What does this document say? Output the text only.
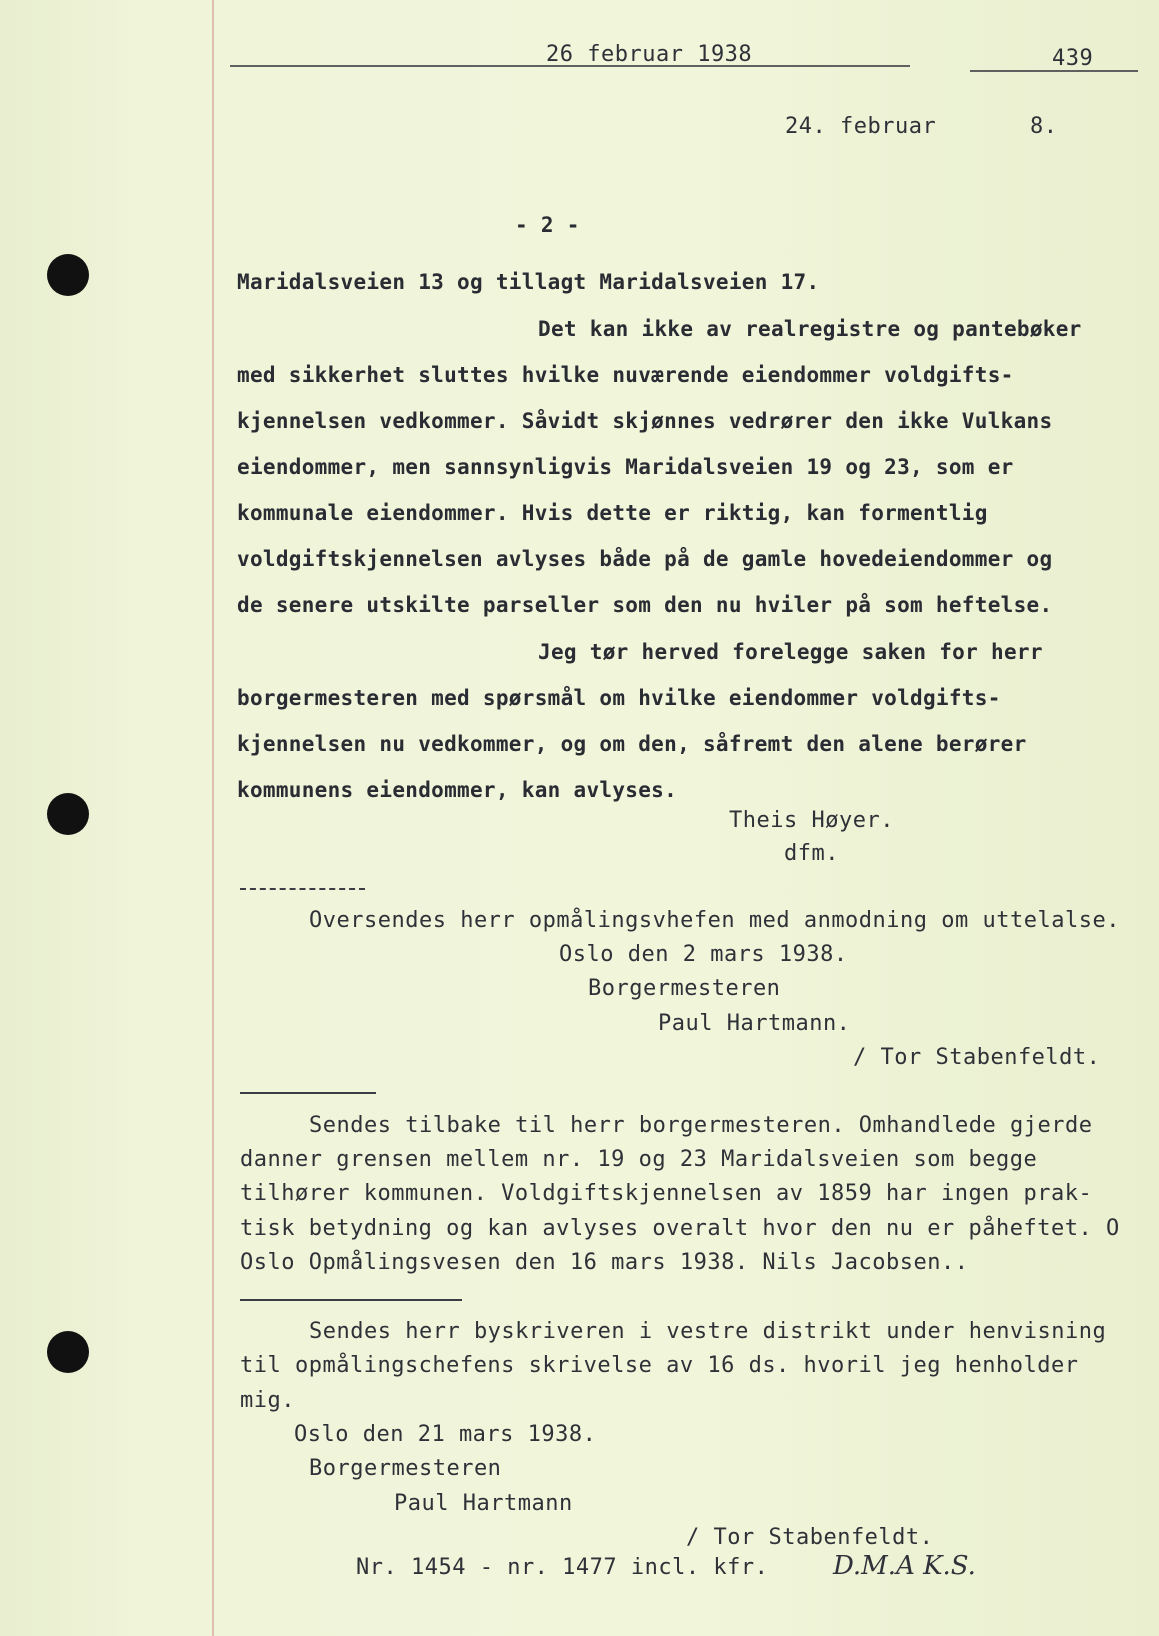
26 februar 1938	439
24. februar	8.
- 2 -
Maridalsveien 13 og tillagt Maridalsveien 17.
Det kan ikke av realregistre og pantebøker
med sikkerhet sluttes hvilke nuværende eiendommer voldgifts-
kjennelsen vedkommer. Såvidt skjønnes vedrører den ikke Vulkans
eiendommer, men sannsynligvis Maridalsveien 19 og 23, som er
kommunale eiendommer. Hvis dette er riktig, kan formentlig
voldgiftskjennelsen avlyses både på de gamle hovedeiendommer og
de senere utskilte parseller som den nu hviler på som heftelse.
Jeg tør herved forelegge saken for herr
borgermesteren med spørsmål om hvilke eiendommer voldgifts-
kjennelsen nu vedkommer, og om den, såfremt den alene berører
kommunens eiendommer, kan avlyses.
Theis Høyer.
dfm.
Oversendes herr opmålingsvhefen med anmodning om uttelalse.
Oslo den 2 mars 1938.
Borgermesteren
Paul Hartmann.
/ Tor Stabenfeldt.
Sendes tilbake til herr borgermesteren. Omhandlede gjerde
danner grensen mellem nr. 19 og 23 Maridalsveien som begge
tilhører kommunen. Voldgiftskjennelsen av 1859 har ingen prak-
tisk betydning og kan avlyses overalt hvor den nu er påheftet. O
Oslo Opmålingsvesen den 16 mars 1938. Nils Jacobsen..
Sendes herr byskriveren i vestre distrikt under henvisning
til opmålingschefens skrivelse av 16 ds. hvoril jeg henholder
mig.
Oslo den 21 mars 1938.
Borgermesteren
Paul Hartmann
/ Tor Stabenfeldt.
Nr. 1454 - nr. 1477 incl. kfr. D.M.A K.S.
